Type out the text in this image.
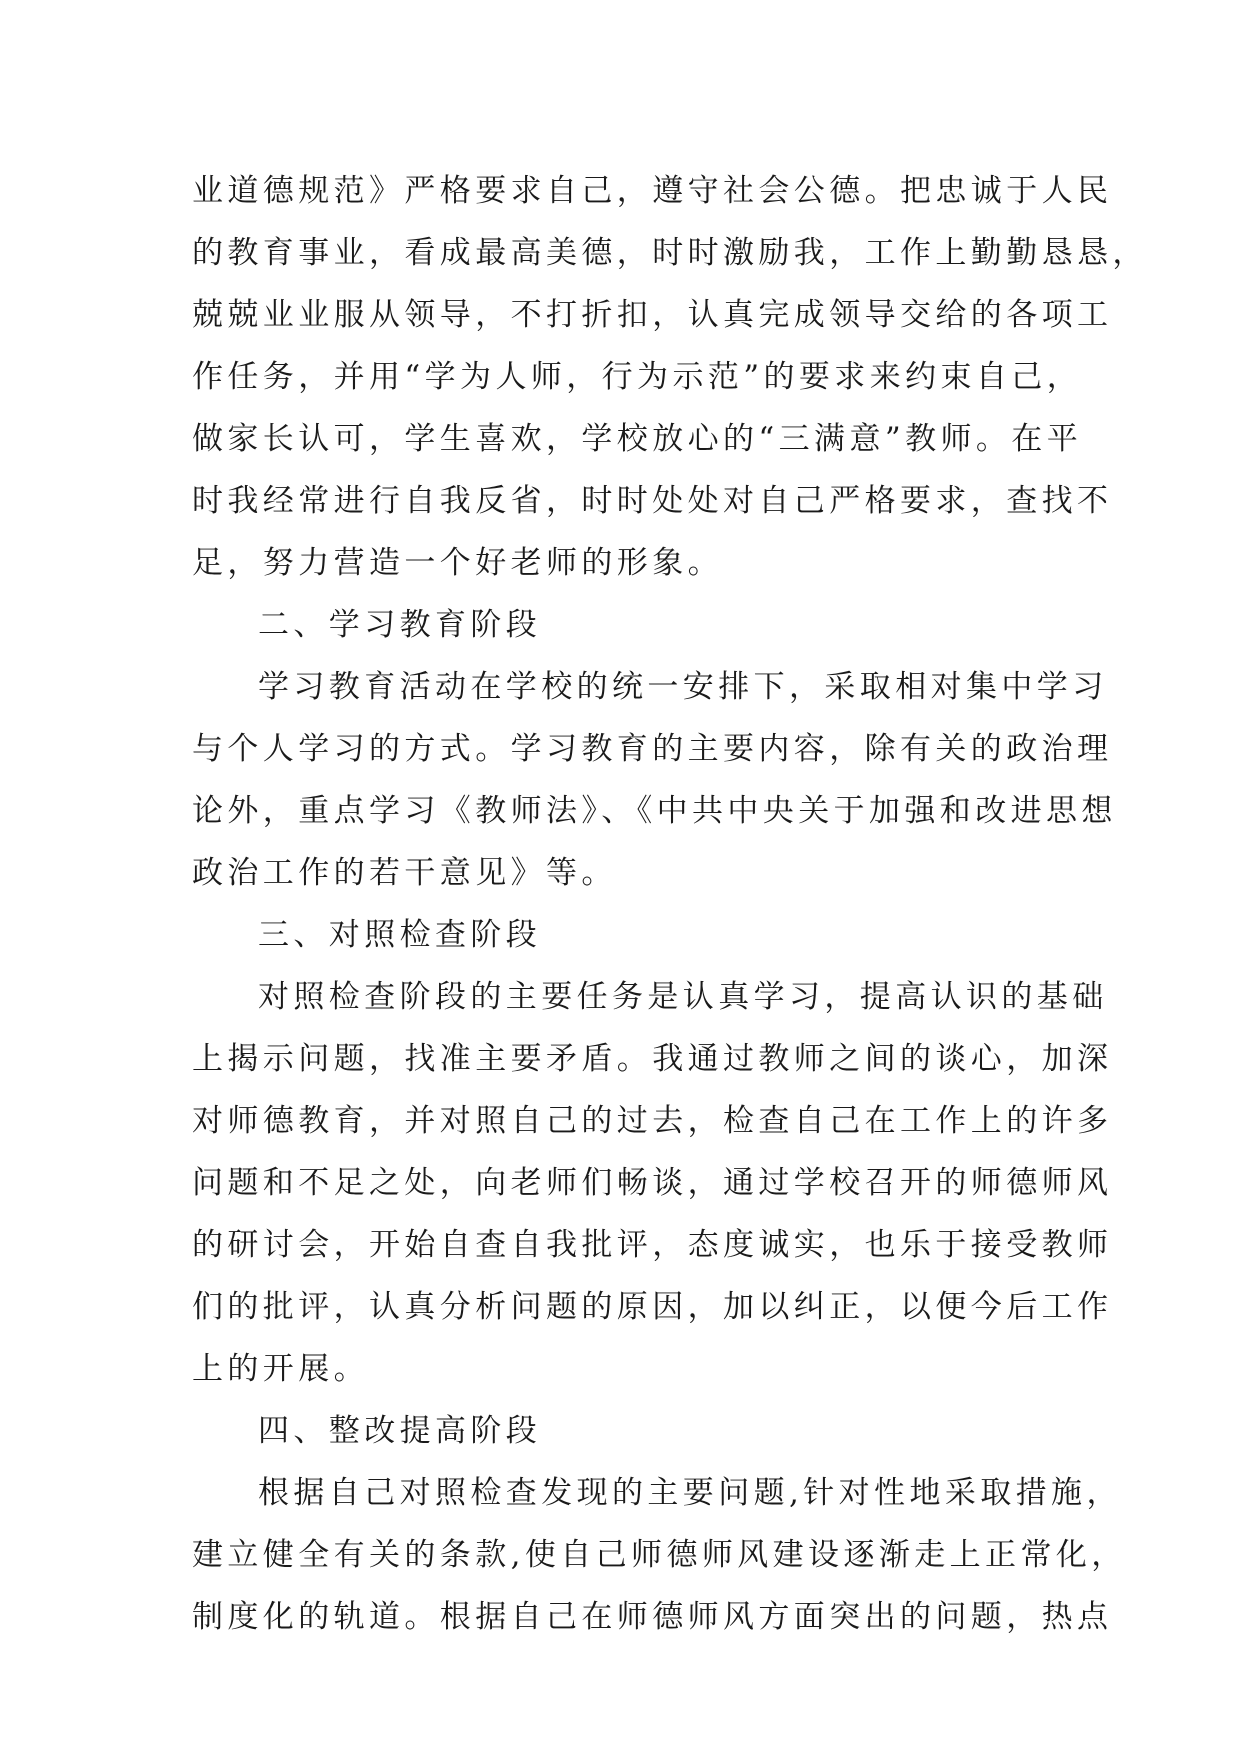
业道德规范》严格要求自己，遵守社会公德。把忠诚于人民
的教育事业，看成最高美德，时时激励我，工作上勤勤恳恳，
兢兢业业服从领导，不打折扣，认真完成领导交给的各项工
作任务，并用“学为人师，行为示范”的要求来约束自己，
做家长认可，学生喜欢，学校放心的“三满意”教师。在平
时我经常进行自我反省，时时处处对自己严格要求，查找不
足，努力营造一个好老师的形象。
二、学习教育阶段
学习教育活动在学校的统一安排下，采取相对集中学习
与个人学习的方式。学习教育的主要内容，除有关的政治理
论外，重点学习《教师法》、《中共中央关于加强和改进思想
政治工作的若干意见》等。
三、对照检查阶段
对照检查阶段的主要任务是认真学习，提高认识的基础
上揭示问题，找准主要矛盾。我通过教师之间的谈心，加深
对师德教育，并对照自己的过去，检查自己在工作上的许多
问题和不足之处，向老师们畅谈，通过学校召开的师德师风
的研讨会，开始自查自我批评，态度诚实，也乐于接受教师
们的批评，认真分析问题的原因，加以纠正，以便今后工作
上的开展。
四、整改提高阶段
根据自己对照检查发现的主要问题,针对性地采取措施，
建立健全有关的条款,使自己师德师风建设逐渐走上正常化，
制度化的轨道。根据自己在师德师风方面突出的问题，热点
